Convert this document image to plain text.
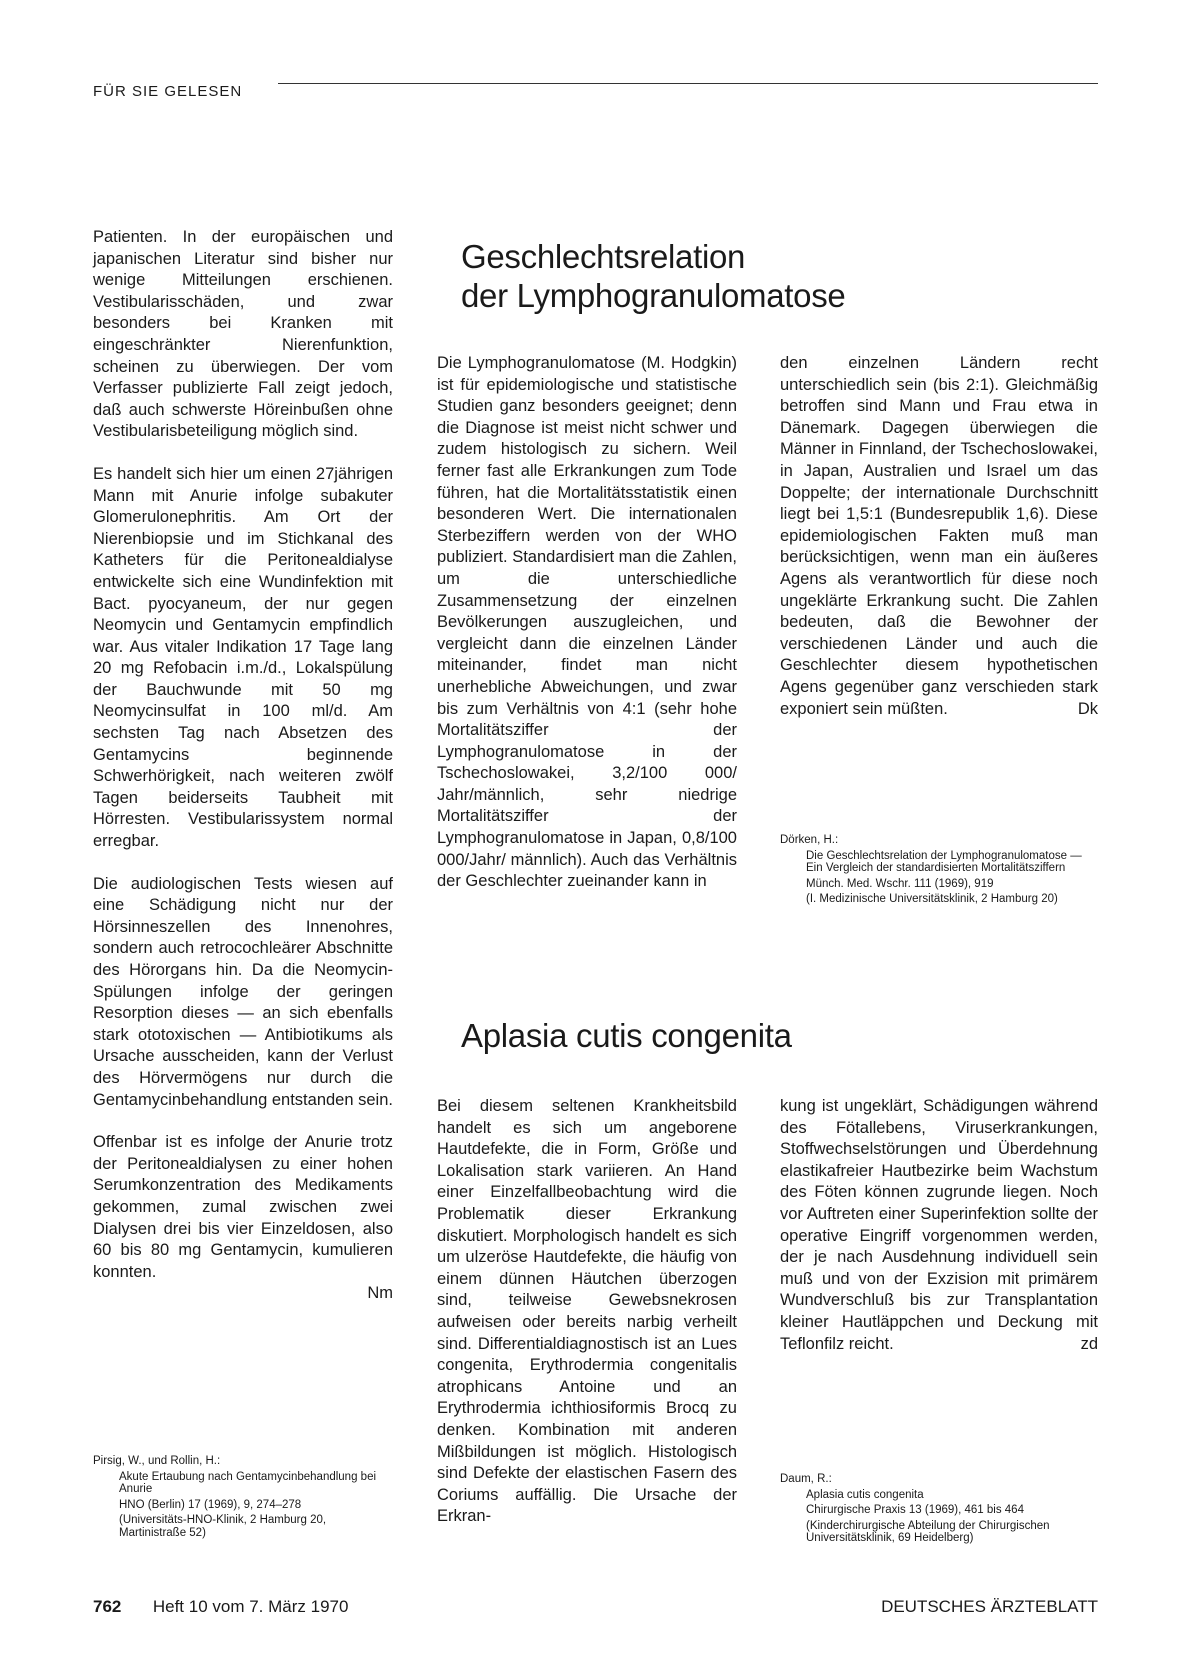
FÜR SIE GELESEN

Patienten. In der europäischen und japanischen Literatur sind bisher nur wenige Mitteilungen erschienen. Vestibularisschäden, und zwar besonders bei Kranken mit eingeschränkter Nierenfunktion, scheinen zu überwiegen. Der vom Verfasser publizierte Fall zeigt jedoch, daß auch schwerste Höreinbußen ohne Vestibularisbeteiligung möglich sind.

Es handelt sich hier um einen 27jährigen Mann mit Anurie infolge subakuter Glomerulonephritis. Am Ort der Nierenbiopsie und im Stichkanal des Katheters für die Peritonealdialyse entwickelte sich eine Wundinfektion mit Bact. pyocyaneum, der nur gegen Neomycin und Gentamycin empfindlich war. Aus vitaler Indikation 17 Tage lang 20 mg Refobacin i.m./d., Lokalspülung der Bauchwunde mit 50 mg Neomycinsulfat in 100 ml/d. Am sechsten Tag nach Absetzen des Gentamycins beginnende Schwerhörigkeit, nach weiteren zwölf Tagen beiderseits Taubheit mit Hörresten. Vestibularissystem normal erregbar.

Die audiologischen Tests wiesen auf eine Schädigung nicht nur der Hörsinneszellen des Innenohres, sondern auch retrocochleärer Abschnitte des Hörorgans hin. Da die Neomycin-Spülungen infolge der geringen Resorption dieses — an sich ebenfalls stark ototoxischen — Antibiotikums als Ursache ausscheiden, kann der Verlust des Hörvermögens nur durch die Gentamycinbehandlung entstanden sein.

Offenbar ist es infolge der Anurie trotz der Peritonealdialysen zu einer hohen Serumkonzentration des Medikaments gekommen, zumal zwischen zwei Dialysen drei bis vier Einzeldosen, also 60 bis 80 mg Gentamycin, kumulieren konnten.

Nm

Pirsig, W., und Rollin, H.:
Akute Ertaubung nach Gentamycinbehandlung bei Anurie
HNO (Berlin) 17 (1969), 9, 274–278
(Universitäts-HNO-Klinik, 2 Hamburg 20, Martinistraße 52)
Geschlechtsrelation
der Lymphogranulomatose

Die Lymphogranulomatose (M. Hodgkin) ist für epidemiologische und statistische Studien ganz besonders geeignet; denn die Diagnose ist meist nicht schwer und zudem histologisch zu sichern. Weil ferner fast alle Erkrankungen zum Tode führen, hat die Mortalitätsstatistik einen besonderen Wert. Die internationalen Sterbeziffern werden von der WHO publiziert. Standardisiert man die Zahlen, um die unterschiedliche Zusammensetzung der einzelnen Bevölkerungen auszugleichen, und vergleicht dann die einzelnen Länder miteinander, findet man nicht unerhebliche Abweichungen, und zwar bis zum Verhältnis von 4:1 (sehr hohe Mortalitätsziffer der Lymphogranulomatose in der Tschechoslowakei, 3,2/100 000/ Jahr/männlich, sehr niedrige Mortalitätsziffer der Lymphogranulomatose in Japan, 0,8/100 000/Jahr/ männlich). Auch das Verhältnis der Geschlechter zueinander kann in

den einzelnen Ländern recht unterschiedlich sein (bis 2:1). Gleichmäßig betroffen sind Mann und Frau etwa in Dänemark. Dagegen überwiegen die Männer in Finnland, der Tschechoslowakei, in Japan, Australien und Israel um das Doppelte; der internationale Durchschnitt liegt bei 1,5:1 (Bundesrepublik 1,6). Diese epidemiologischen Fakten muß man berücksichtigen, wenn man ein äußeres Agens als verantwortlich für diese noch ungeklärte Erkrankung sucht. Die Zahlen bedeuten, daß die Bewohner der verschiedenen Länder und auch die Geschlechter diesem hypothetischen Agens gegenüber ganz verschieden stark exponiert sein müßten.	Dk

Dörken, H.:
Die Geschlechtsrelation der Lymphogranulomatose — Ein Vergleich der standardisierten Mortalitätsziffern
Münch. Med. Wschr. 111 (1969), 919
(I. Medizinische Universitätsklinik, 2 Hamburg 20)
Aplasia cutis congenita

Bei diesem seltenen Krankheitsbild handelt es sich um angeborene Hautdefekte, die in Form, Größe und Lokalisation stark variieren. An Hand einer Einzelfallbeobachtung wird die Problematik dieser Erkrankung diskutiert. Morphologisch handelt es sich um ulzeröse Hautdefekte, die häufig von einem dünnen Häutchen überzogen sind, teilweise Gewebsnekrosen aufweisen oder bereits narbig verheilt sind. Differentialdiagnostisch ist an Lues congenita, Erythrodermia congenitalis atrophicans Antoine und an Erythrodermia ichthiosiformis Brocq zu denken. Kombination mit anderen Mißbildungen ist möglich. Histologisch sind Defekte der elastischen Fasern des Coriums auffällig. Die Ursache der Erkran-

kung ist ungeklärt, Schädigungen während des Fötallebens, Viruserkrankungen, Stoffwechselstörungen und Überdehnung elastikafreier Hautbezirke beim Wachstum des Föten können zugrunde liegen. Noch vor Auftreten einer Superinfektion sollte der operative Eingriff vorgenommen werden, der je nach Ausdehnung individuell sein muß und von der Exzision mit primärem Wundverschluß bis zur Transplantation kleiner Hautläppchen und Deckung mit Teflonfilz reicht.	zd

Daum, R.:
Aplasia cutis congenita
Chirurgische Praxis 13 (1969), 461 bis 464
(Kinderchirurgische Abteilung der Chirurgischen Universitätsklinik, 69 Heidelberg)
762 Heft 10 vom 7. März 1970	DEUTSCHES ÄRZTEBLATT
